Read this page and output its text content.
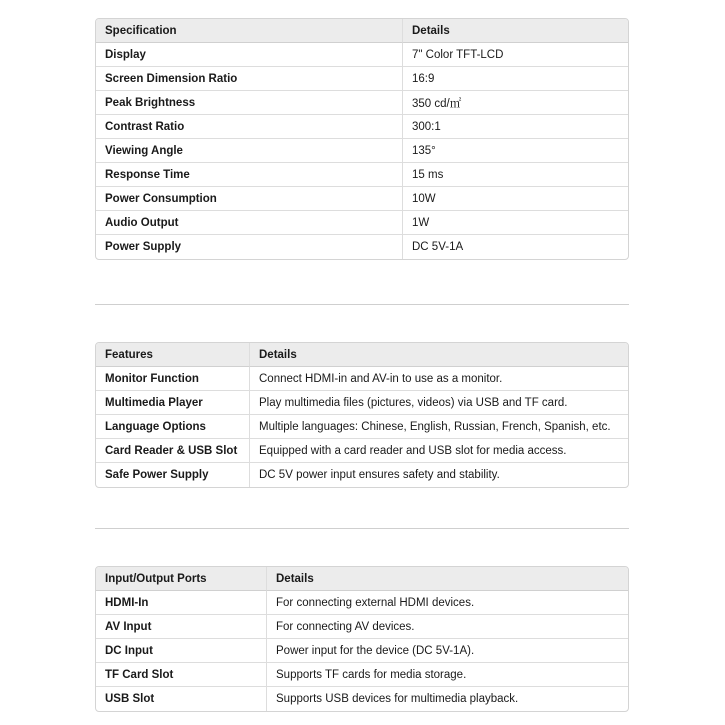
Specification	Details
Display	7" Color TFT-LCD
Screen Dimension Ratio	16:9
Peak Brightness	350 cd/㎡
Contrast Ratio	300:1
Viewing Angle	135°
Response Time	15 ms
Power Consumption	10W
Audio Output	1W
Power Supply	DC 5V-1A
Features	Details
Monitor Function	Connect HDMI-in and AV-in to use as a monitor.
Multimedia Player	Play multimedia files (pictures, videos) via USB and TF card.
Language Options	Multiple languages: Chinese, English, Russian, French, Spanish, etc.
Card Reader & USB Slot	Equipped with a card reader and USB slot for media access.
Safe Power Supply	DC 5V power input ensures safety and stability.
Input/Output Ports	Details
HDMI-In	For connecting external HDMI devices.
AV Input	For connecting AV devices.
DC Input	Power input for the device (DC 5V-1A).
TF Card Slot	Supports TF cards for media storage.
USB Slot	Supports USB devices for multimedia playback.
